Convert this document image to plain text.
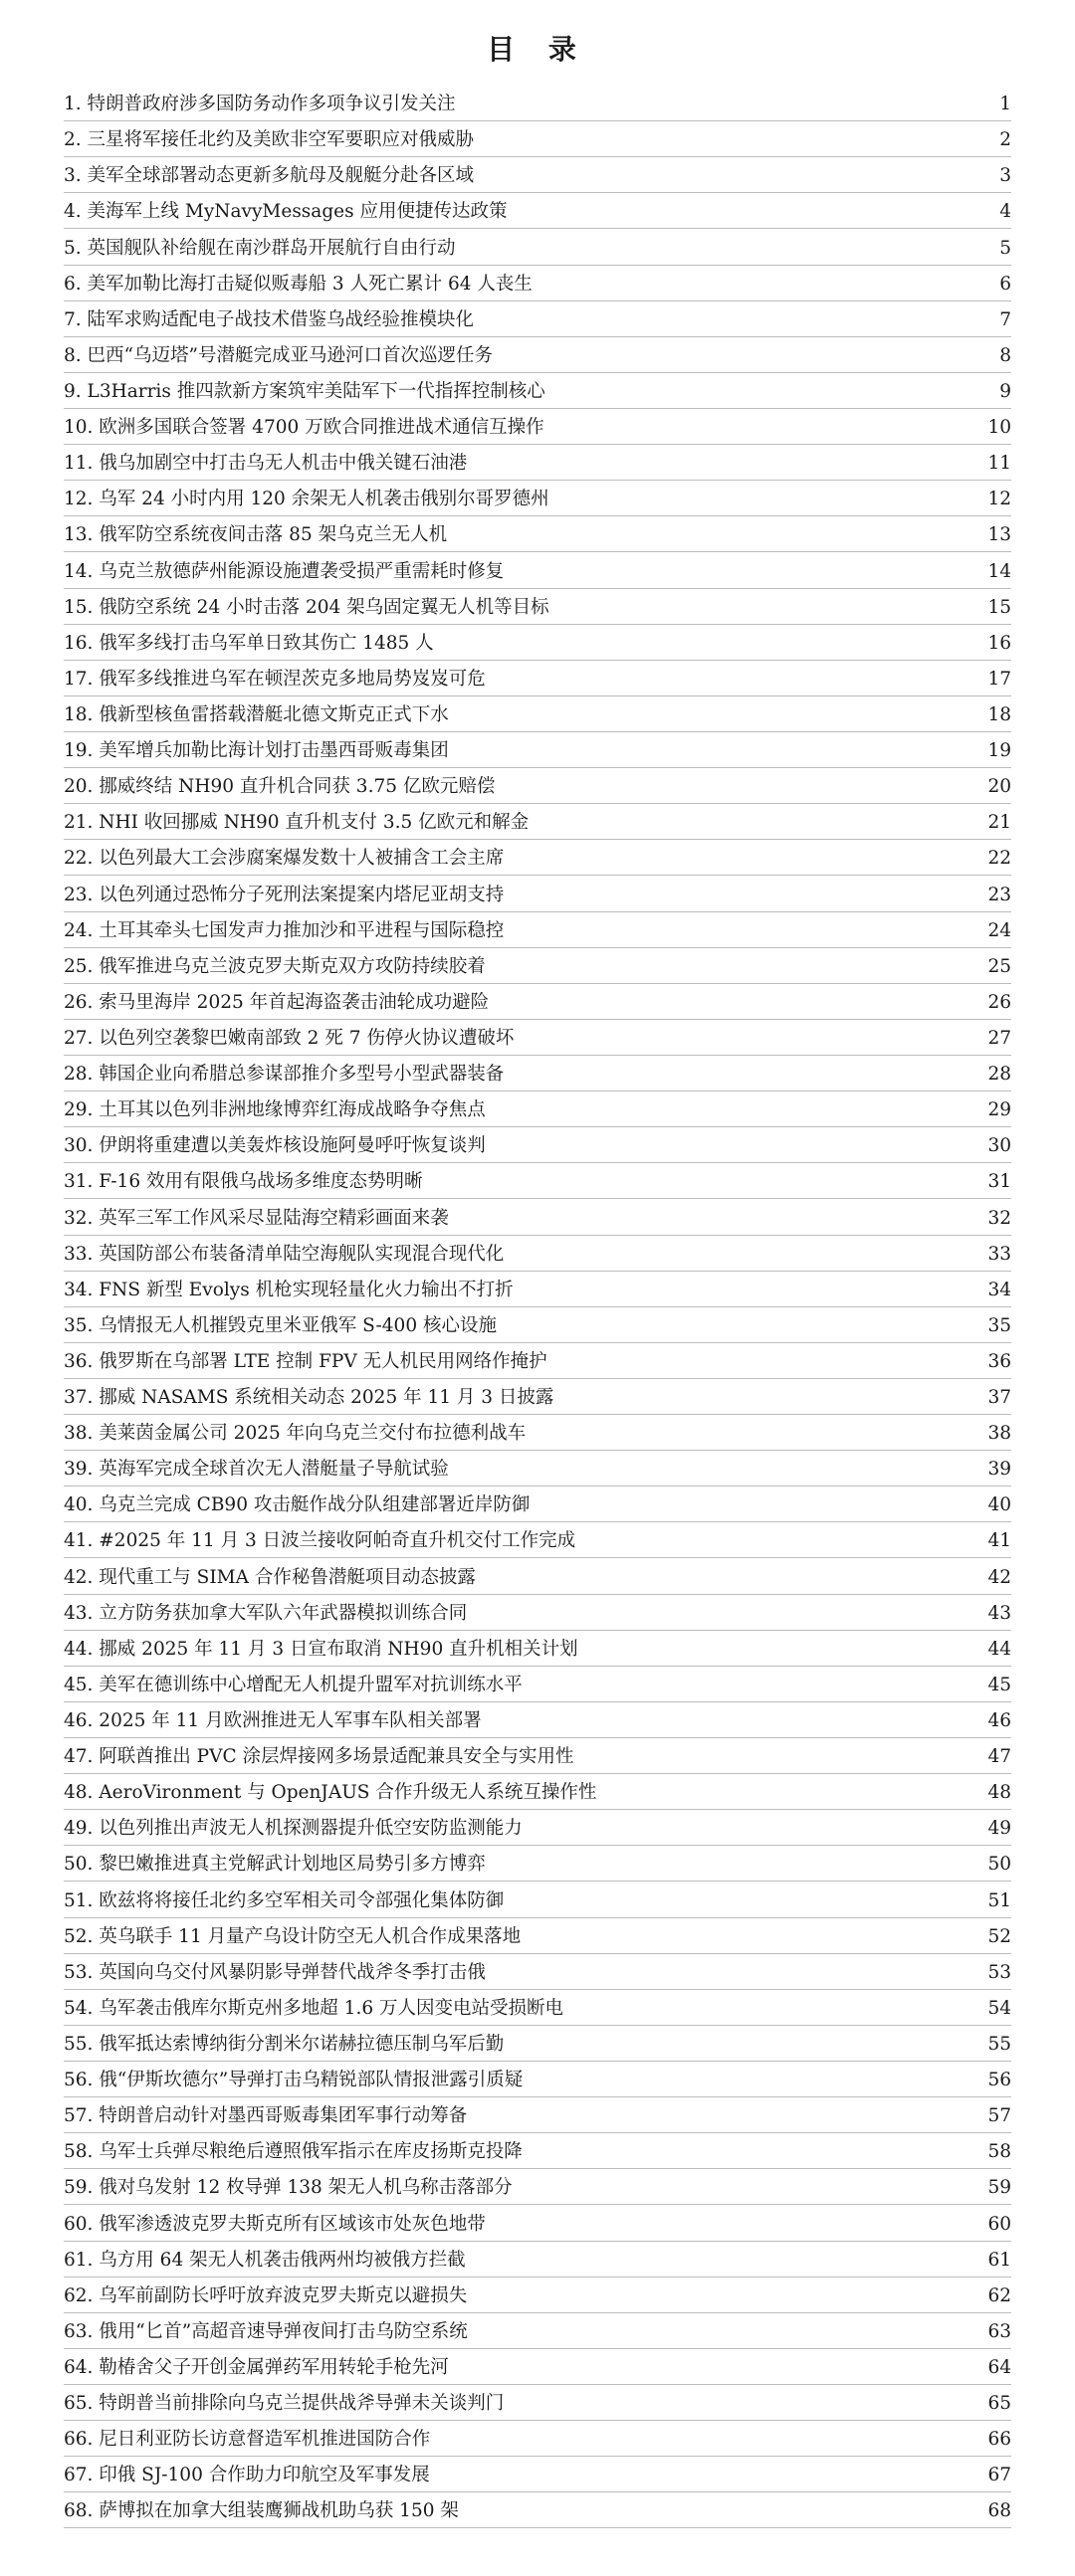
目 录
1. 特朗普政府涉多国防务动作多项争议引发关注	1
2. 三星将军接任北约及美欧非空军要职应对俄威胁	2
3. 美军全球部署动态更新多航母及舰艇分赴各区域	3
4. 美海军上线 MyNavyMessages 应用便捷传达政策	4
5. 英国舰队补给舰在南沙群岛开展航行自由行动	5
6. 美军加勒比海打击疑似贩毒船 3 人死亡累计 64 人丧生	6
7. 陆军求购适配电子战技术借鉴乌战经验推模块化	7
8. 巴西“乌迈塔”号潜艇完成亚马逊河口首次巡逻任务	8
9. L3Harris 推四款新方案筑牢美陆军下一代指挥控制核心	9
10. 欧洲多国联合签署 4700 万欧合同推进战术通信互操作	10
11. 俄乌加剧空中打击乌无人机击中俄关键石油港	11
12. 乌军 24 小时内用 120 余架无人机袭击俄别尔哥罗德州	12
13. 俄军防空系统夜间击落 85 架乌克兰无人机	13
14. 乌克兰敖德萨州能源设施遭袭受损严重需耗时修复	14
15. 俄防空系统 24 小时击落 204 架乌固定翼无人机等目标	15
16. 俄军多线打击乌军单日致其伤亡 1485 人	16
17. 俄军多线推进乌军在顿涅茨克多地局势岌岌可危	17
18. 俄新型核鱼雷搭载潜艇北德文斯克正式下水	18
19. 美军增兵加勒比海计划打击墨西哥贩毒集团	19
20. 挪威终结 NH90 直升机合同获 3.75 亿欧元赔偿	20
21. NHI 收回挪威 NH90 直升机支付 3.5 亿欧元和解金	21
22. 以色列最大工会涉腐案爆发数十人被捕含工会主席	22
23. 以色列通过恐怖分子死刑法案提案内塔尼亚胡支持	23
24. 土耳其牵头七国发声力推加沙和平进程与国际稳控	24
25. 俄军推进乌克兰波克罗夫斯克双方攻防持续胶着	25
26. 索马里海岸 2025 年首起海盗袭击油轮成功避险	26
27. 以色列空袭黎巴嫩南部致 2 死 7 伤停火协议遭破坏	27
28. 韩国企业向希腊总参谋部推介多型号小型武器装备	28
29. 土耳其以色列非洲地缘博弈红海成战略争夺焦点	29
30. 伊朗将重建遭以美轰炸核设施阿曼呼吁恢复谈判	30
31. F-16 效用有限俄乌战场多维度态势明晰	31
32. 英军三军工作风采尽显陆海空精彩画面来袭	32
33. 英国防部公布装备清单陆空海舰队实现混合现代化	33
34. FNS 新型 Evolys 机枪实现轻量化火力输出不打折	34
35. 乌情报无人机摧毁克里米亚俄军 S-400 核心设施	35
36. 俄罗斯在乌部署 LTE 控制 FPV 无人机民用网络作掩护	36
37. 挪威 NASAMS 系统相关动态 2025 年 11 月 3 日披露	37
38. 美莱茵金属公司 2025 年向乌克兰交付布拉德利战车	38
39. 英海军完成全球首次无人潜艇量子导航试验	39
40. 乌克兰完成 CB90 攻击艇作战分队组建部署近岸防御	40
41. #2025 年 11 月 3 日波兰接收阿帕奇直升机交付工作完成	41
42. 现代重工与 SIMA 合作秘鲁潜艇项目动态披露	42
43. 立方防务获加拿大军队六年武器模拟训练合同	43
44. 挪威 2025 年 11 月 3 日宣布取消 NH90 直升机相关计划	44
45. 美军在德训练中心增配无人机提升盟军对抗训练水平	45
46. 2025 年 11 月欧洲推进无人军事车队相关部署	46
47. 阿联酋推出 PVC 涂层焊接网多场景适配兼具安全与实用性	47
48. AeroVironment 与 OpenJAUS 合作升级无人系统互操作性	48
49. 以色列推出声波无人机探测器提升低空安防监测能力	49
50. 黎巴嫩推进真主党解武计划地区局势引多方博弈	50
51. 欧兹将将接任北约多空军相关司令部强化集体防御	51
52. 英乌联手 11 月量产乌设计防空无人机合作成果落地	52
53. 英国向乌交付风暴阴影导弹替代战斧冬季打击俄	53
54. 乌军袭击俄库尔斯克州多地超 1.6 万人因变电站受损断电	54
55. 俄军抵达索博纳街分割米尔诺赫拉德压制乌军后勤	55
56. 俄“伊斯坎德尔”导弹打击乌精锐部队情报泄露引质疑	56
57. 特朗普启动针对墨西哥贩毒集团军事行动筹备	57
58. 乌军士兵弹尽粮绝后遵照俄军指示在库皮扬斯克投降	58
59. 俄对乌发射 12 枚导弹 138 架无人机乌称击落部分	59
60. 俄军渗透波克罗夫斯克所有区域该市处灰色地带	60
61. 乌方用 64 架无人机袭击俄两州均被俄方拦截	61
62. 乌军前副防长呼吁放弃波克罗夫斯克以避损失	62
63. 俄用“匕首”高超音速导弹夜间打击乌防空系统	63
64. 勒椿舍父子开创金属弹药军用转轮手枪先河	64
65. 特朗普当前排除向乌克兰提供战斧导弹未关谈判门	65
66. 尼日利亚防长访意督造军机推进国防合作	66
67. 印俄 SJ-100 合作助力印航空及军事发展	67
68. 萨博拟在加拿大组装鹰狮战机助乌获 150 架	68
